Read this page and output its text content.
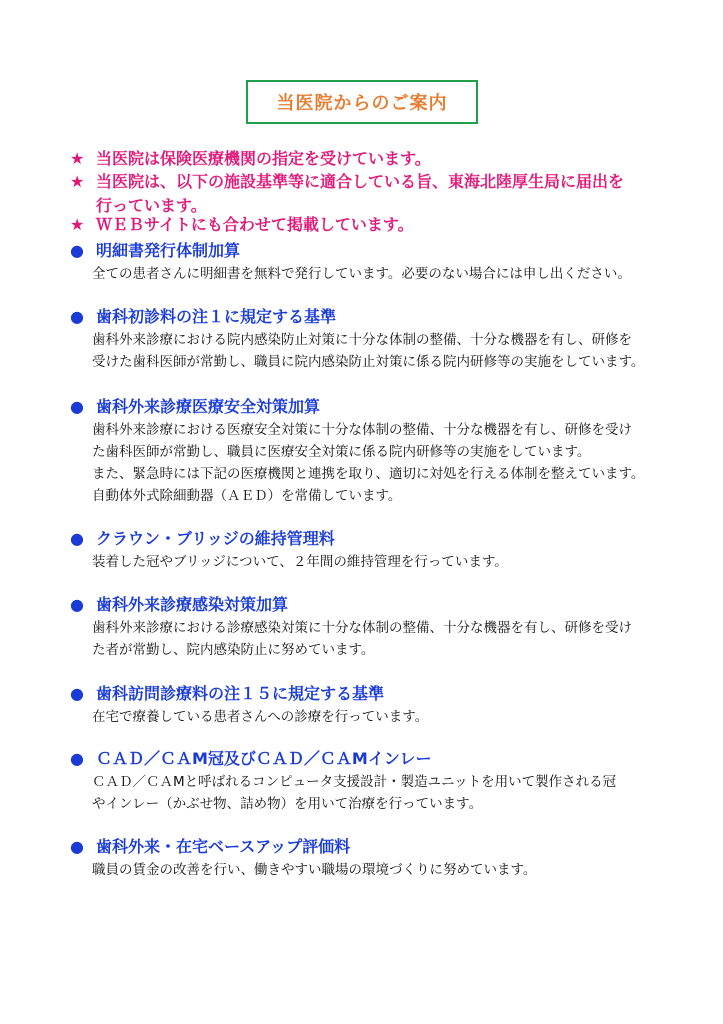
当医院からのご案内
★ 当医院は保険医療機関の指定を受けています。
★ 当医院は、以下の施設基準等に適合している旨、東海北陸厚生局に届出を
行っています。
★ ＷＥＢサイトにも合わせて掲載しています。
● 明細書発行体制加算
全ての患者さんに明細書を無料で発行しています。必要のない場合には申し出ください。
● 歯科初診料の注１に規定する基準
歯科外来診療における院内感染防止対策に十分な体制の整備、十分な機器を有し、研修を
受けた歯科医師が常勤し、職員に院内感染防止対策に係る院内研修等の実施をしています。
● 歯科外来診療医療安全対策加算
歯科外来診療における医療安全対策に十分な体制の整備、十分な機器を有し、研修を受け
た歯科医師が常勤し、職員に医療安全対策に係る院内研修等の実施をしています。
また、緊急時には下記の医療機関と連携を取り、適切に対処を行える体制を整えています。
自動体外式除細動器（ＡＥＤ）を常備しています。
● クラウン・ブリッジの維持管理料
装着した冠やブリッジについて、２年間の維持管理を行っています。
● 歯科外来診療感染対策加算
歯科外来診療における診療感染対策に十分な体制の整備、十分な機器を有し、研修を受け
た者が常勤し、院内感染防止に努めています。
● 歯科訪問診療料の注１５に規定する基準
在宅で療養している患者さんへの診療を行っています。
● ＣＡＤ／ＣＡM冠及びＣＡＤ／ＣＡMインレー
ＣＡＤ／ＣＡMと呼ばれるコンピュータ支援設計・製造ユニットを用いて製作される冠
やインレー（かぶせ物、詰め物）を用いて治療を行っています。
● 歯科外来・在宅ベースアップ評価料
職員の賃金の改善を行い、働きやすい職場の環境づくりに努めています。
